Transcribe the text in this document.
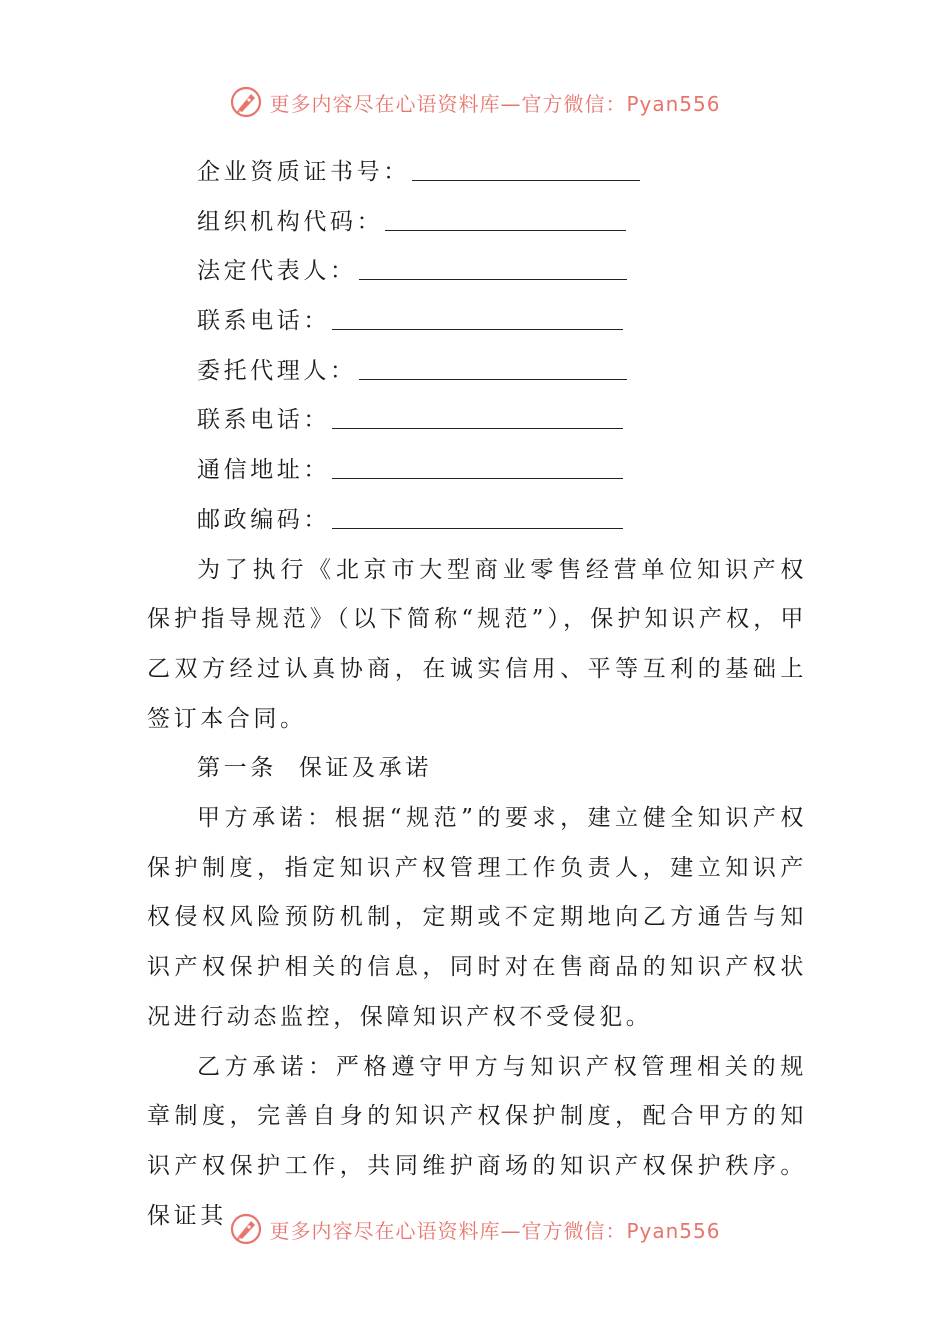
更多内容尽在心语资料库—官方微信：Pyan556
企业资质证书号：
组织机构代码：
法定代表人：
联系电话：
委托代理人：
联系电话：
通信地址：
邮政编码：
为了执行《北京市大型商业零售经营单位知识产权保护指导规范》（以下简称“规范”），保护知识产权，甲乙双方经过认真协商，在诚实信用、平等互利的基础上签订本合同。
第一条 保证及承诺
甲方承诺：根据“规范”的要求，建立健全知识产权保护制度，指定知识产权管理工作负责人，建立知识产权侵权风险预防机制，定期或不定期地向乙方通告与知识产权保护相关的信息，同时对在售商品的知识产权状况进行动态监控，保障知识产权不受侵犯。
乙方承诺：严格遵守甲方与知识产权管理相关的规章制度，完善自身的知识产权保护制度，配合甲方的知识产权保护工作，共同维护商场的知识产权保护秩序。保证其
更多内容尽在心语资料库—官方微信：Pyan556
